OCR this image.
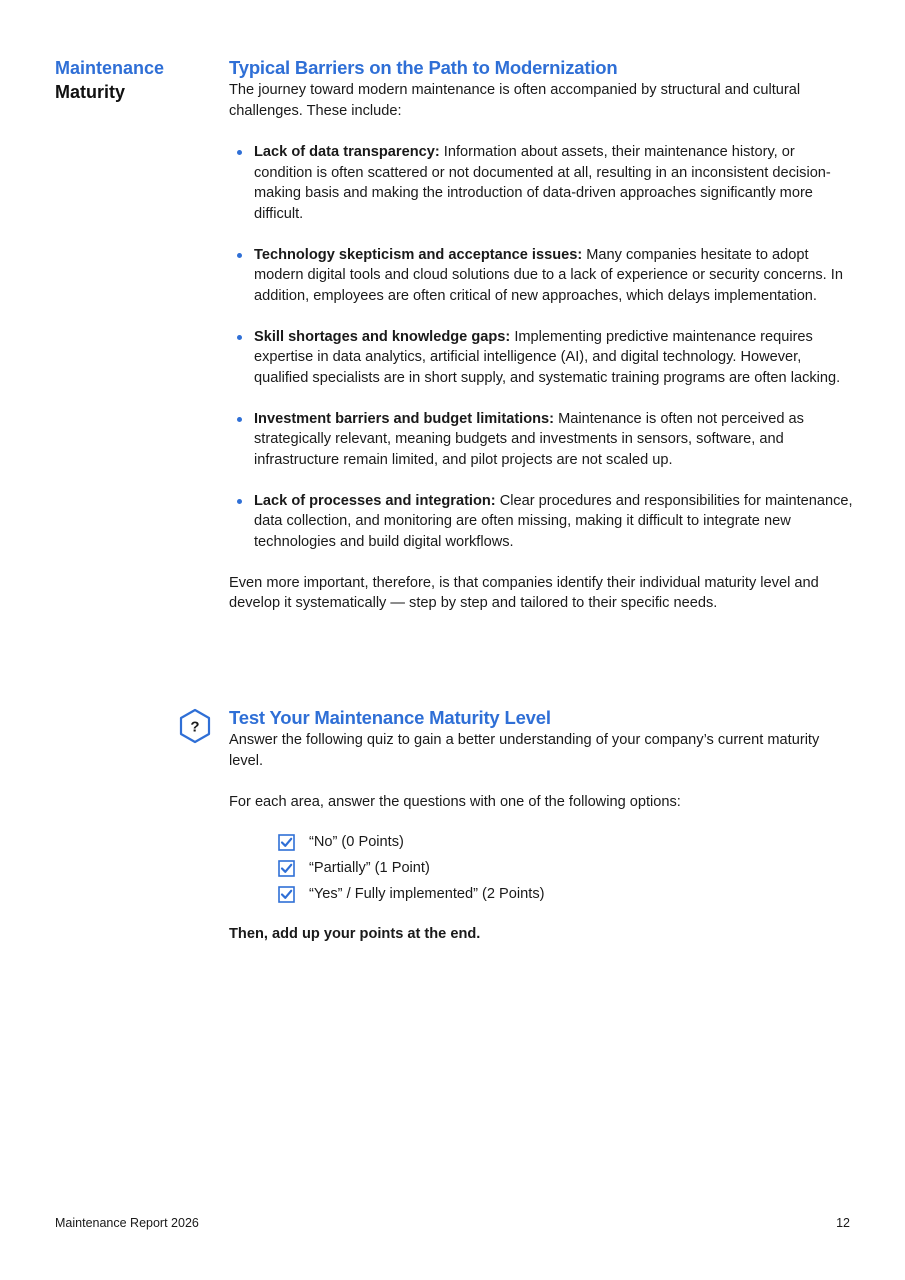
Maintenance
Maturity
Typical Barriers on the Path to Modernization

The journey toward modern maintenance is often accompanied by structural and cultural challenges. These include:

Lack of data transparency: Information about assets, their maintenance history, or condition is often scattered or not documented at all, resulting in an inconsistent decision-making basis and making the introduction of data-driven approaches significantly more difficult.
Technology skepticism and acceptance issues: Many companies hesitate to adopt modern digital tools and cloud solutions due to a lack of experience or security concerns. In addition, employees are often critical of new approaches, which delays implementation.
Skill shortages and knowledge gaps: Implementing predictive maintenance requires expertise in data analytics, artificial intelligence (AI), and digital technology. However, qualified specialists are in short supply, and systematic training programs are often lacking.
Investment barriers and budget limitations: Maintenance is often not perceived as strategically relevant, meaning budgets and investments in sensors, software, and infrastructure remain limited, and pilot projects are not scaled up.
Lack of processes and integration: Clear procedures and responsibilities for maintenance, data collection, and monitoring are often missing, making it difficult to integrate new technologies and build digital workflows.

Even more important, therefore, is that companies identify their individual maturity level and develop it systematically — step by step and tailored to their specific needs.

? Test Your Maintenance Maturity Level

Answer the following quiz to gain a better understanding of your company’s current maturity level.

For each area, answer the questions with one of the following options:

“No” (0 Points)
“Partially” (1 Point)
“Yes” / Fully implemented” (2 Points)

Then, add up your points at the end.

Maintenance Report 2026	12
